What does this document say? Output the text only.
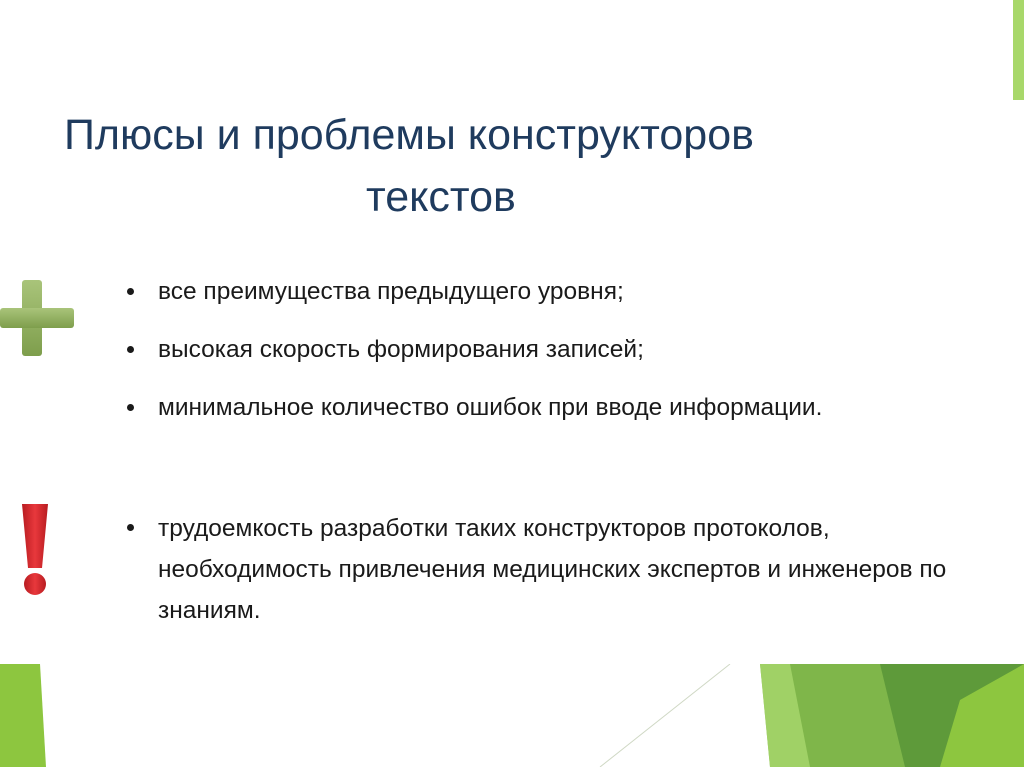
Плюсы и проблемы конструкторов
текстов
все преимущества предыдущего уровня;
высокая скорость формирования записей;
минимальное количество ошибок при вводе информации.
трудоемкость разработки таких конструкторов протоколов, необходимость привлечения медицинских экспертов и инженеров по знаниям.
